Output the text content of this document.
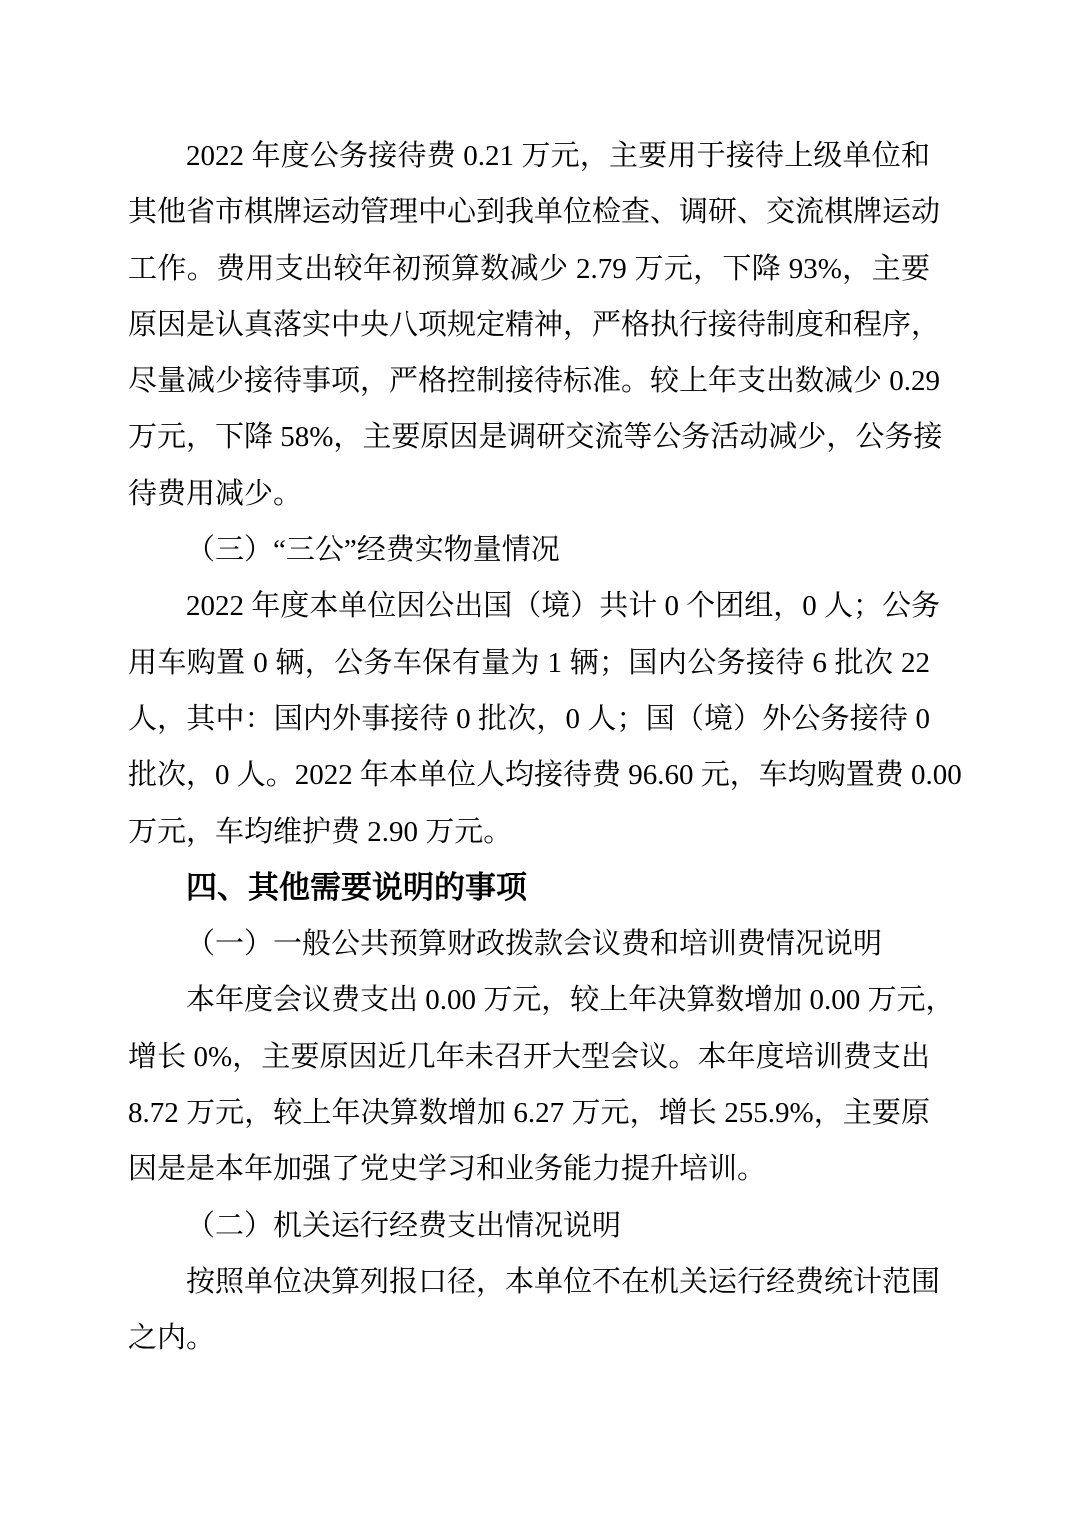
2022 年度公务接待费 0.21 万元，主要用于接待上级单位和
其他省市棋牌运动管理中心到我单位检查、调研、交流棋牌运动
工作。费用支出较年初预算数减少 2.79 万元，下降 93%，主要
原因是认真落实中央八项规定精神，严格执行接待制度和程序，
尽量减少接待事项，严格控制接待标准。较上年支出数减少 0.29
万元，下降 58%，主要原因是调研交流等公务活动减少，公务接
待费用减少。
（三）“三公”经费实物量情况
2022 年度本单位因公出国（境）共计 0 个团组，0 人；公务
用车购置 0 辆，公务车保有量为 1 辆；国内公务接待 6 批次 22
人，其中：国内外事接待 0 批次，0 人；国（境）外公务接待 0
批次，0 人。2022 年本单位人均接待费 96.60 元，车均购置费 0.00
万元，车均维护费 2.90 万元。
四、其他需要说明的事项
（一）一般公共预算财政拨款会议费和培训费情况说明
本年度会议费支出 0.00 万元，较上年决算数增加 0.00 万元，
增长 0%，主要原因近几年未召开大型会议。本年度培训费支出
8.72 万元，较上年决算数增加 6.27 万元，增长 255.9%，主要原
因是是本年加强了党史学习和业务能力提升培训。
（二）机关运行经费支出情况说明
按照单位决算列报口径，本单位不在机关运行经费统计范围
之内。
